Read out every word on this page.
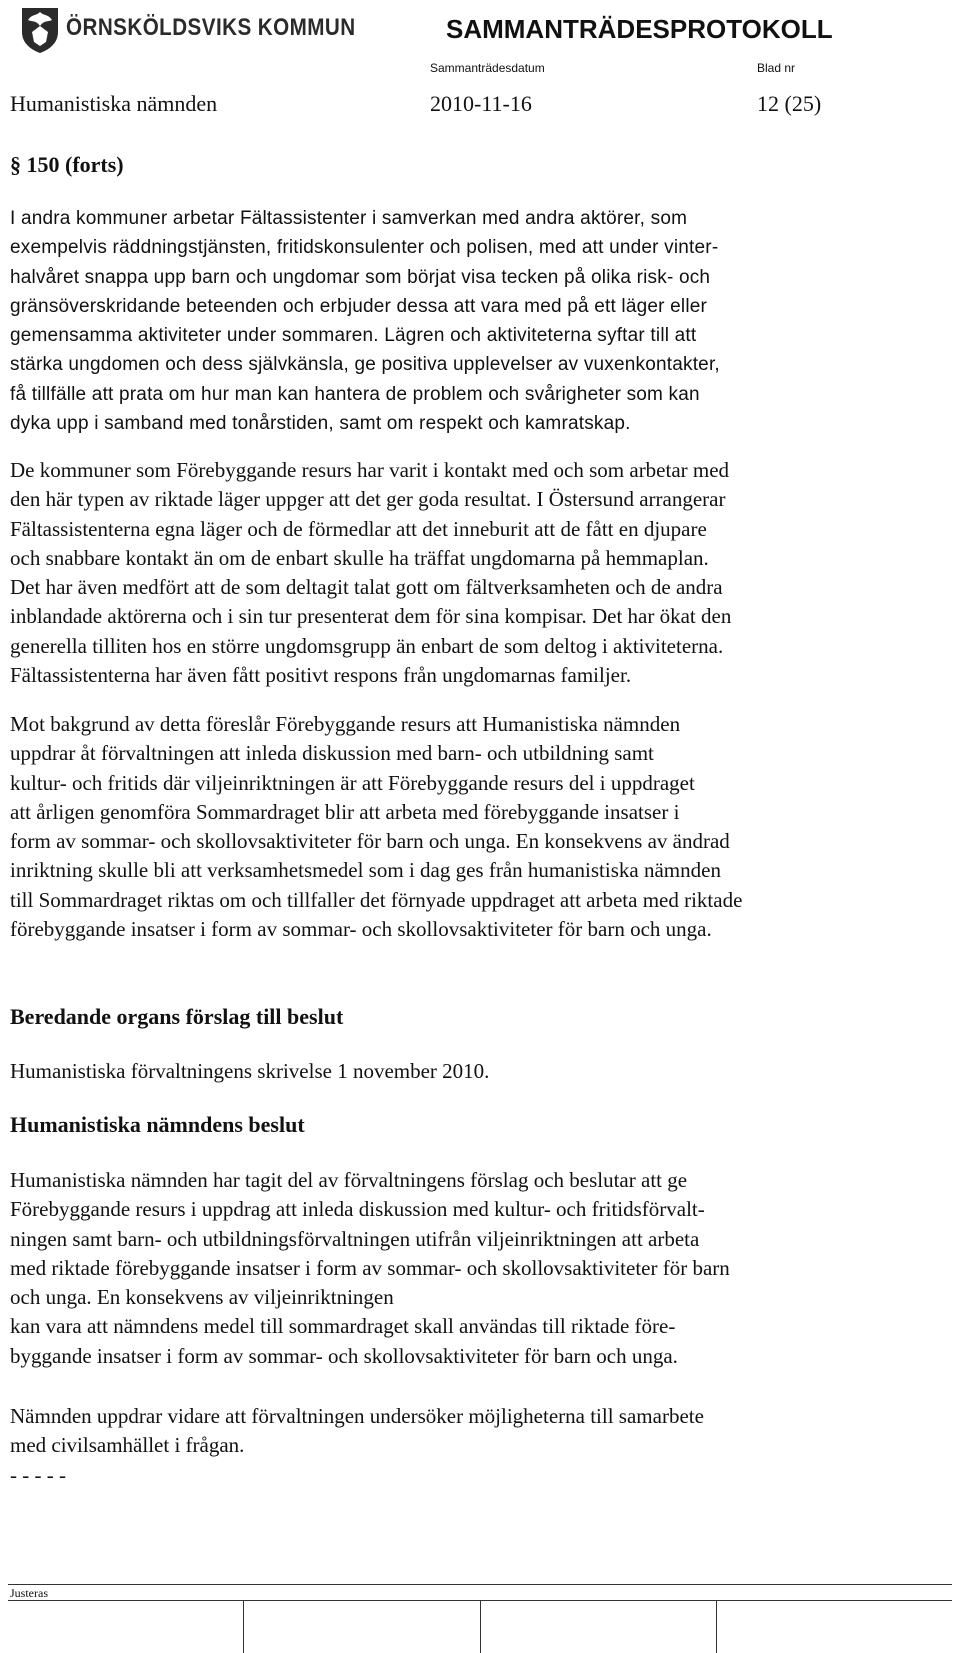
ÖRNSKÖLDSVIKS KOMMUN	SAMMANTRÄDESPROTOKOLL
Sammanträdesdatum	Blad nr
Humanistiska nämnden	2010-11-16	12 (25)
§ 150 (forts)
I andra kommuner arbetar Fältassistenter i samverkan med andra aktörer, som
exempelvis räddningstjänsten, fritidskonsulenter och polisen, med att under vinter-
halvåret snappa upp barn och ungdomar som börjat visa tecken på olika risk- och
gränsöverskridande beteenden och erbjuder dessa att vara med på ett läger eller
gemensamma aktiviteter under sommaren. Lägren och aktiviteterna syftar till att
stärka ungdomen och dess självkänsla, ge positiva upplevelser av vuxenkontakter,
få tillfälle att prata om hur man kan hantera de problem och svårigheter som kan
dyka upp i samband med tonårstiden, samt om respekt och kamratskap.
De kommuner som Förebyggande resurs har varit i kontakt med och som arbetar med
den här typen av riktade läger uppger att det ger goda resultat. I Östersund arrangerar
Fältassistenterna egna läger och de förmedlar att det inneburit att de fått en djupare
och snabbare kontakt än om de enbart skulle ha träffat ungdomarna på hemmaplan.
Det har även medfört att de som deltagit talat gott om fältverksamheten och de andra
inblandade aktörerna och i sin tur presenterat dem för sina kompisar. Det har ökat den
generella tilliten hos en större ungdomsgrupp än enbart de som deltog i aktiviteterna.
Fältassistenterna har även fått positivt respons från ungdomarnas familjer.
Mot bakgrund av detta föreslår Förebyggande resurs att Humanistiska nämnden
uppdrar åt förvaltningen att inleda diskussion med barn- och utbildning samt
kultur- och fritids där viljeinriktningen är att Förebyggande resurs del i uppdraget
att årligen genomföra Sommardraget blir att arbeta med förebyggande insatser i
form av sommar- och skollovsaktiviteter för barn och unga. En konsekvens av ändrad
inriktning skulle bli att verksamhetsmedel som i dag ges från humanistiska nämnden
till Sommardraget riktas om och tillfaller det förnyade uppdraget att arbeta med riktade
förebyggande insatser i form av sommar- och skollovsaktiviteter för barn och unga.
Beredande organs förslag till beslut
Humanistiska förvaltningens skrivelse 1 november 2010.
Humanistiska nämndens beslut
Humanistiska nämnden har tagit del av förvaltningens förslag och beslutar att ge
Förebyggande resurs i uppdrag att inleda diskussion med kultur- och fritidsförvalt-
ningen samt barn- och utbildningsförvaltningen utifrån viljeinriktningen att arbeta
med riktade förebyggande insatser i form av sommar- och skollovsaktiviteter för barn
och unga. En konsekvens av viljeinriktningen
kan vara att nämndens medel till sommardraget skall användas till riktade före-
byggande insatser i form av sommar- och skollovsaktiviteter för barn och unga.
Nämnden uppdrar vidare att förvaltningen undersöker möjligheterna till samarbete
med civilsamhället i frågan.
- - - - -
Justeras
